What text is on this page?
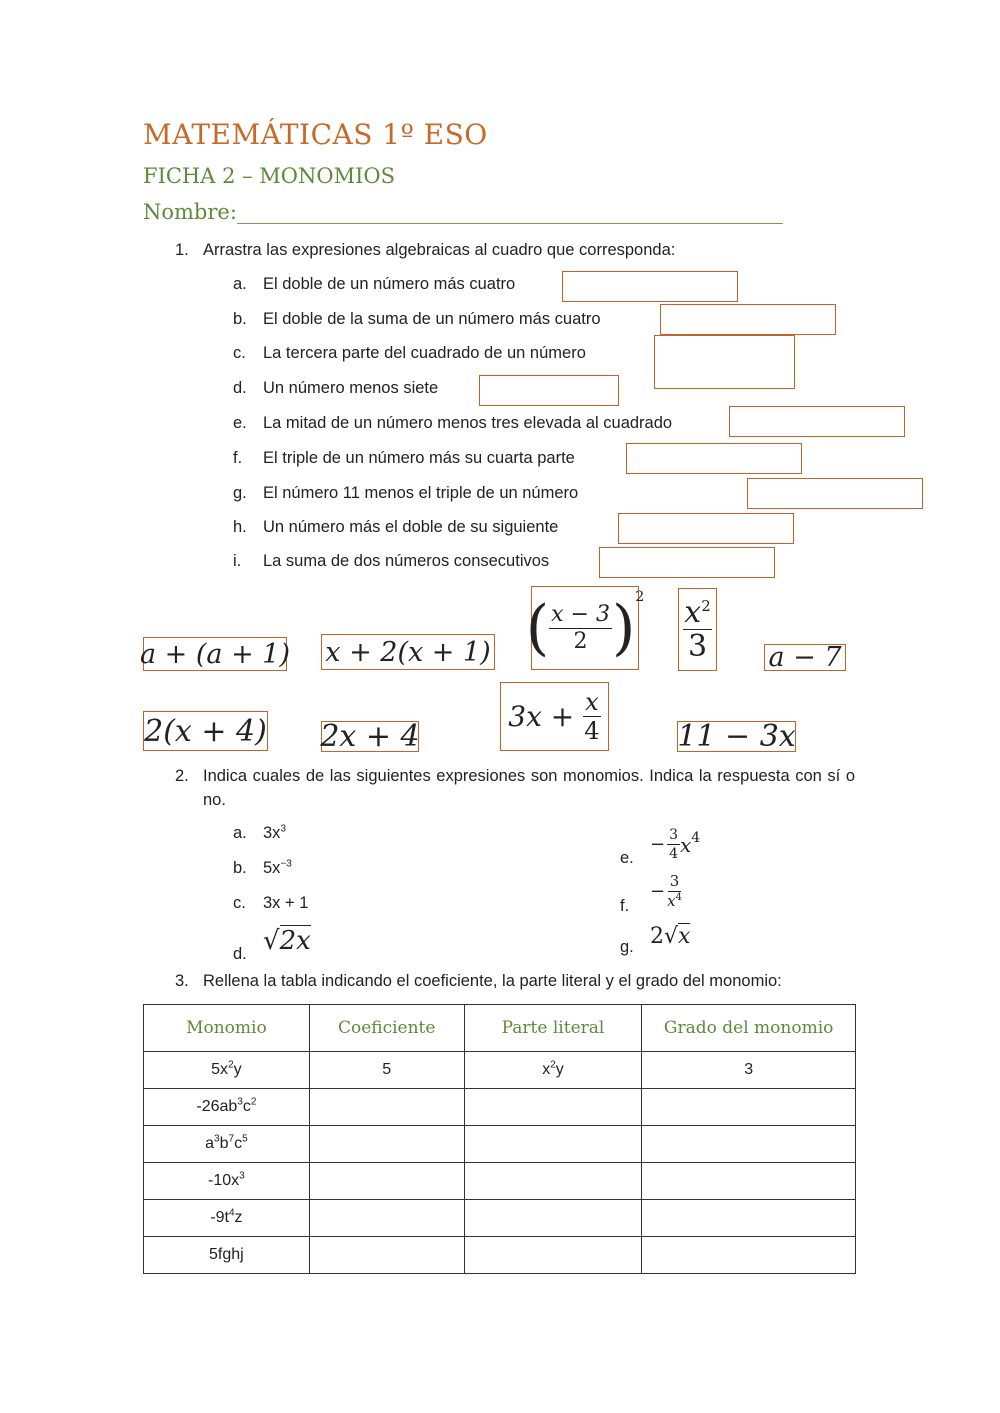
MATEMÁTICAS 1º ESO
FICHA 2 – MONOMIOS
Nombre:____________________________________________________
1. Arrastra las expresiones algebraicas al cuadro que corresponda:
a. El doble de un número más cuatro
b. El doble de la suma de un número más cuatro
c. La tercera parte del cuadrado de un número
d. Un número menos siete
e. La mitad de un número menos tres elevada al cuadrado
f. El triple de un número más su cuarta parte
g. El número 11 menos el triple de un número
h. Un número más el doble de su siguiente
i. La suma de dos números consecutivos
a + (a + 1) x + 2(x + 1) ( $\frac{x - 3}{2}$ ) 2
$\frac{x^2}{3}$ a − 7
2(x + 4) 2x + 4
3x +
$\frac{x}{4}$	11 − 3x
2. Indica cuales de las siguientes expresiones son monomios. Indica la respuesta con sí o no.
a. $3x^3$
b. $5x^{-3}$
c. 3x + 1
d. √2x
e.
− $\frac{3}{4}$ x 4
f.
− $\frac{3}{x^4}$
g. 2 √ x
3. Rellena la tabla indicando el coeficiente, la parte literal y el grado del monomio:
Monomio	Coeficiente	Parte literal	Grado del monomio
$5x^2y$	5	$x^2y$	3
$-26ab^3c^2$			
$a^3b^7c^5$			
$-10x^3$			
$-9t^4z$			
5fghj			
